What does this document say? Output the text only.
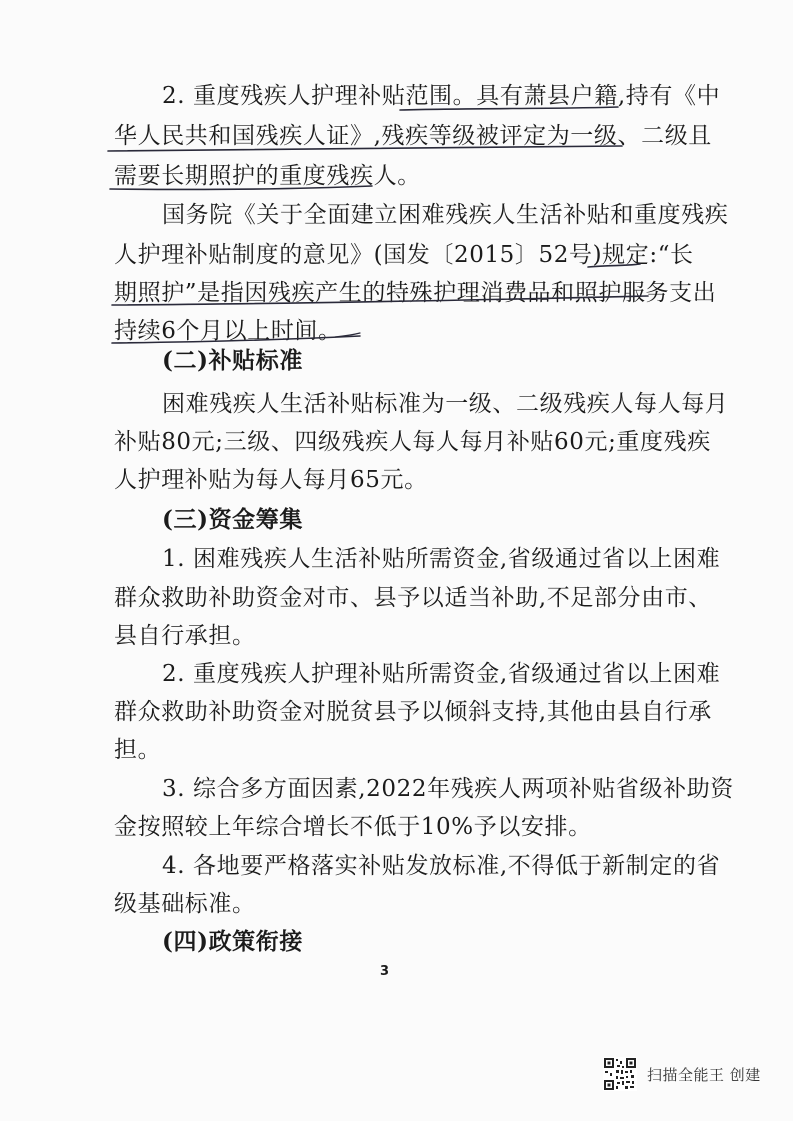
2. 重度残疾人护理补贴范围。具有萧县户籍,持有《中
华人民共和国残疾人证》,残疾等级被评定为一级、二级且
需要长期照护的重度残疾人。
国务院《关于全面建立困难残疾人生活补贴和重度残疾
人护理补贴制度的意见》(国发〔2015〕52号)规定:“长
期照护”是指因残疾产生的特殊护理消费品和照护服务支出
持续6个月以上时间。
(二)补贴标准
困难残疾人生活补贴标准为一级、二级残疾人每人每月
补贴80元;三级、四级残疾人每人每月补贴60元;重度残疾
人护理补贴为每人每月65元。
(三)资金筹集
1. 困难残疾人生活补贴所需资金,省级通过省以上困难
群众救助补助资金对市、县予以适当补助,不足部分由市、
县自行承担。
2. 重度残疾人护理补贴所需资金,省级通过省以上困难
群众救助补助资金对脱贫县予以倾斜支持,其他由县自行承
担。
3. 综合多方面因素,2022年残疾人两项补贴省级补助资
金按照较上年综合增长不低于10%予以安排。
4. 各地要严格落实补贴发放标准,不得低于新制定的省
级基础标准。
(四)政策衔接
3
扫描全能王 创建
